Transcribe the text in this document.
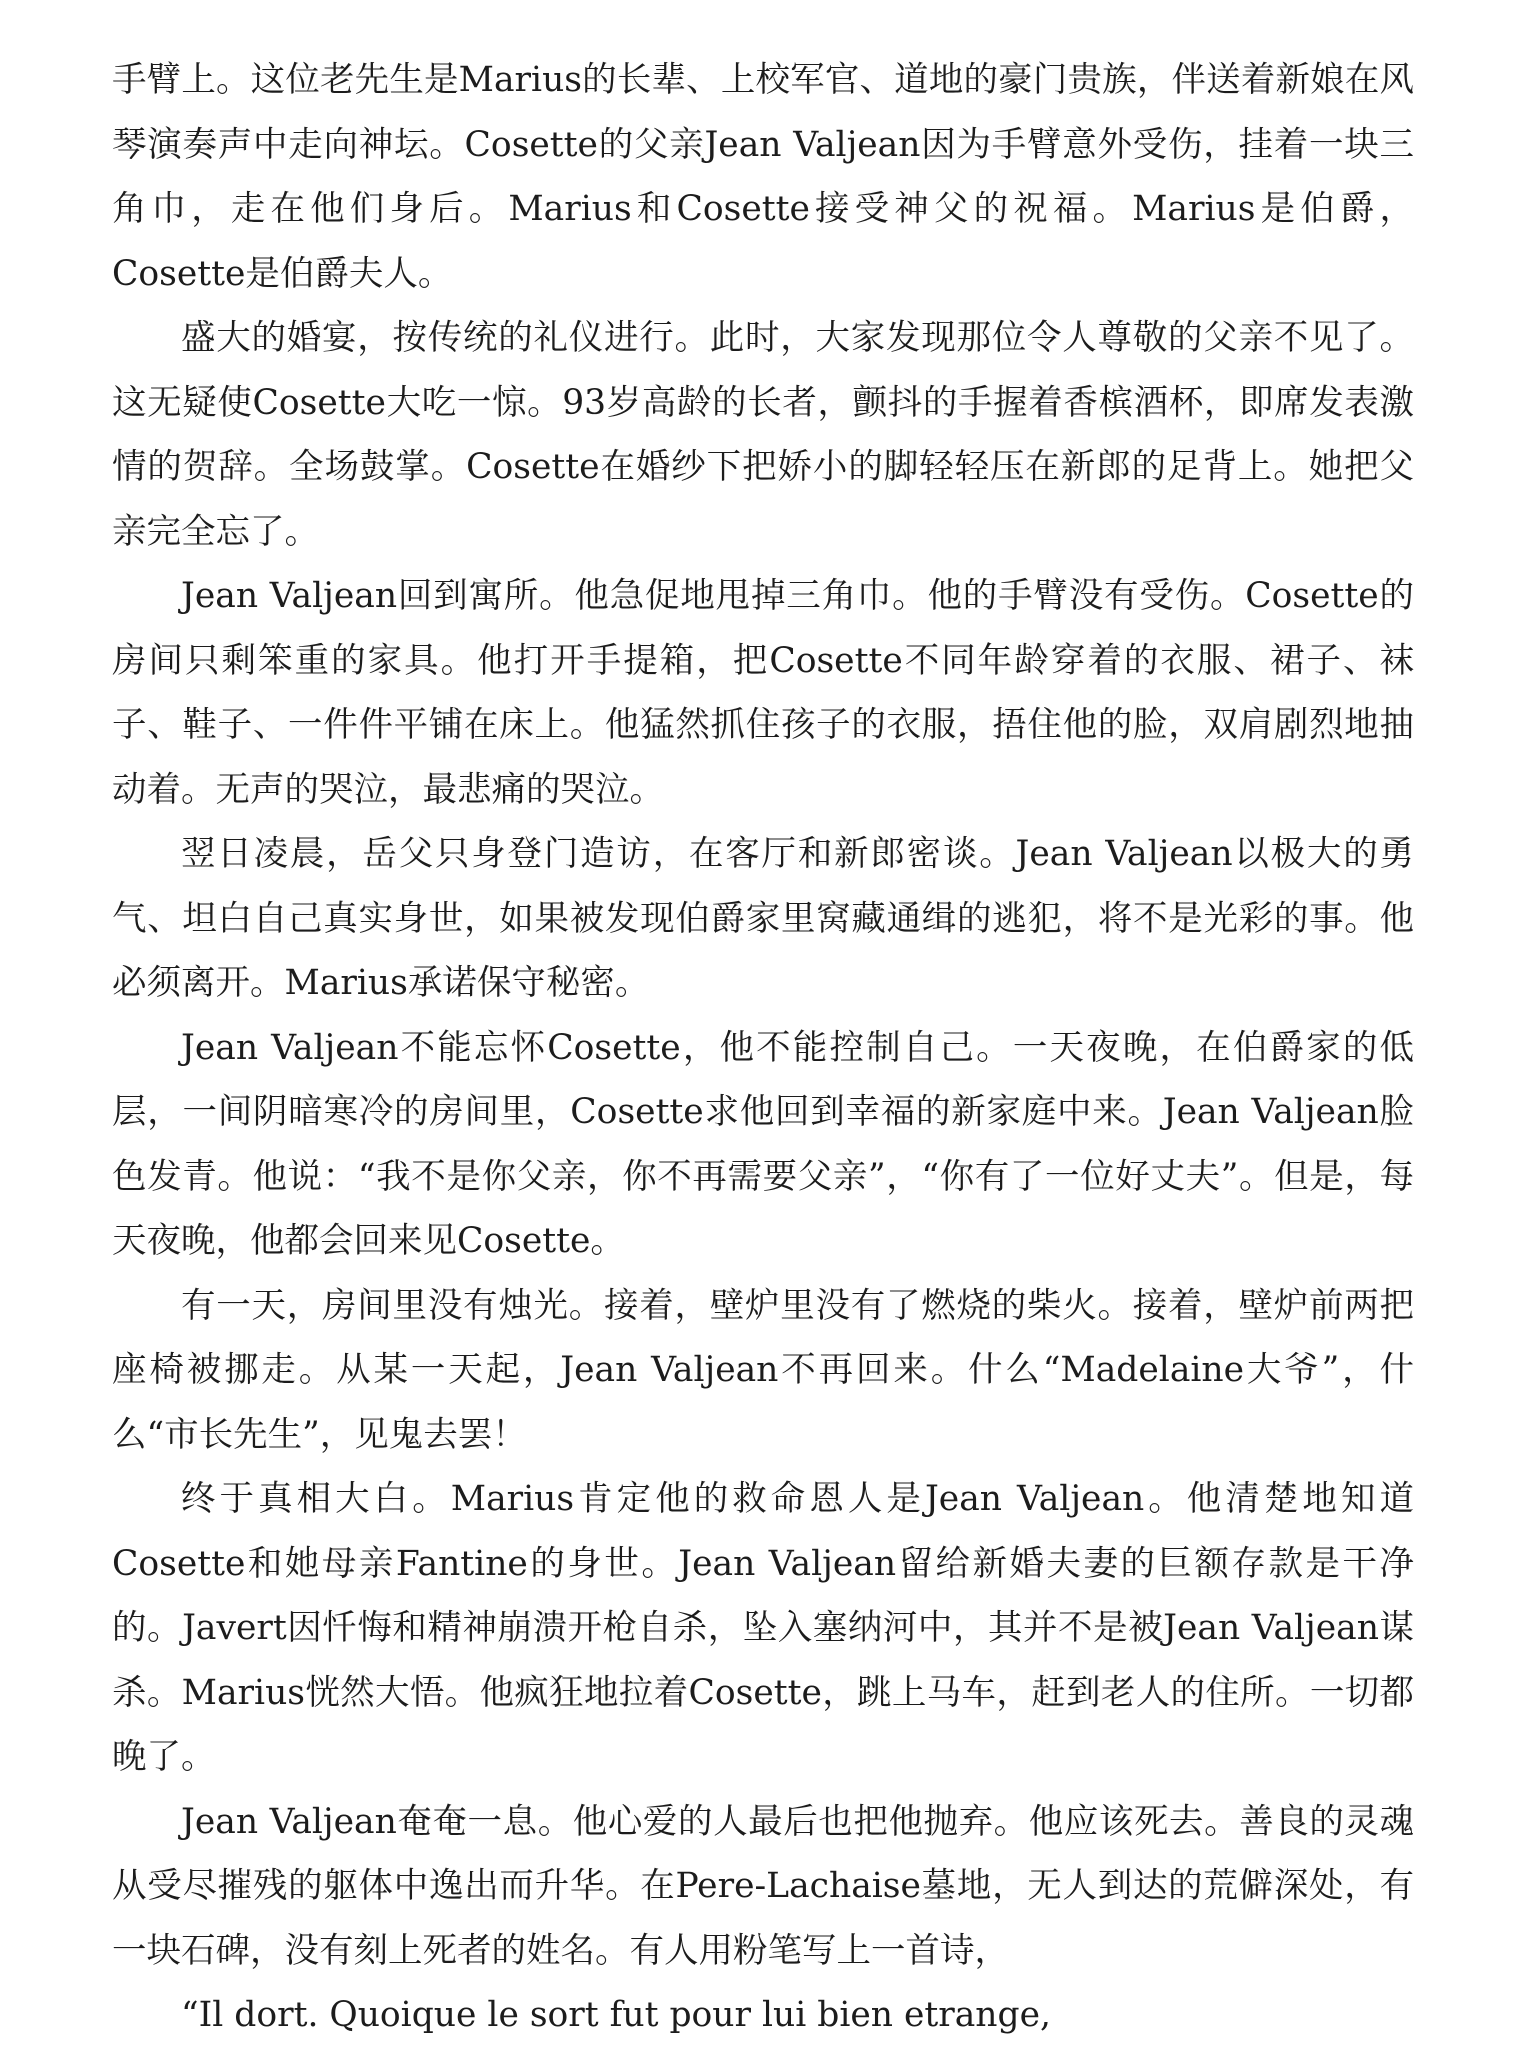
手臂上。这位老先生是Marius的长辈、上校军官、道地的豪门贵族，伴送着新娘在风琴演奏声中走向神坛。Cosette的父亲Jean Valjean因为手臂意外受伤，挂着一块三角巾，走在他们身后。Marius和Cosette接受神父的祝福。Marius是伯爵，Cosette是伯爵夫人。

盛大的婚宴，按传统的礼仪进行。此时，大家发现那位令人尊敬的父亲不见了。这无疑使Cosette大吃一惊。93岁高龄的长者，颤抖的手握着香槟酒杯，即席发表激情的贺辞。全场鼓掌。Cosette在婚纱下把娇小的脚轻轻压在新郎的足背上。她把父亲完全忘了。

Jean Valjean回到寓所。他急促地甩掉三角巾。他的手臂没有受伤。Cosette的房间只剩笨重的家具。他打开手提箱，把Cosette不同年龄穿着的衣服、裙子、袜子、鞋子、一件件平铺在床上。他猛然抓住孩子的衣服，捂住他的脸，双肩剧烈地抽动着。无声的哭泣，最悲痛的哭泣。

翌日凌晨，岳父只身登门造访，在客厅和新郎密谈。Jean Valjean以极大的勇气、坦白自己真实身世，如果被发现伯爵家里窝藏通缉的逃犯，将不是光彩的事。他必须离开。Marius承诺保守秘密。

Jean Valjean不能忘怀Cosette，他不能控制自己。一天夜晚，在伯爵家的低层，一间阴暗寒冷的房间里，Cosette求他回到幸福的新家庭中来。Jean Valjean脸色发青。他说：“我不是你父亲，你不再需要父亲”，“你有了一位好丈夫”。但是，每天夜晚，他都会回来见Cosette。

有一天，房间里没有烛光。接着，壁炉里没有了燃烧的柴火。接着，壁炉前两把座椅被挪走。从某一天起，Jean Valjean不再回来。什么“Madelaine大爷”，什么“市长先生”，见鬼去罢！

终于真相大白。Marius肯定他的救命恩人是Jean Valjean。他清楚地知道Cosette和她母亲Fantine的身世。Jean Valjean留给新婚夫妻的巨额存款是干净的。Javert因忏悔和精神崩溃开枪自杀，坠入塞纳河中，其并不是被Jean Valjean谋杀。Marius恍然大悟。他疯狂地拉着Cosette，跳上马车，赶到老人的住所。一切都晚了。

Jean Valjean奄奄一息。他心爱的人最后也把他抛弃。他应该死去。善良的灵魂从受尽摧残的躯体中逸出而升华。在Pere-Lachaise墓地，无人到达的荒僻深处，有一块石碑，没有刻上死者的姓名。有人用粉笔写上一首诗，

“Il dort. Quoique le sort fut pour lui bien etrange,
